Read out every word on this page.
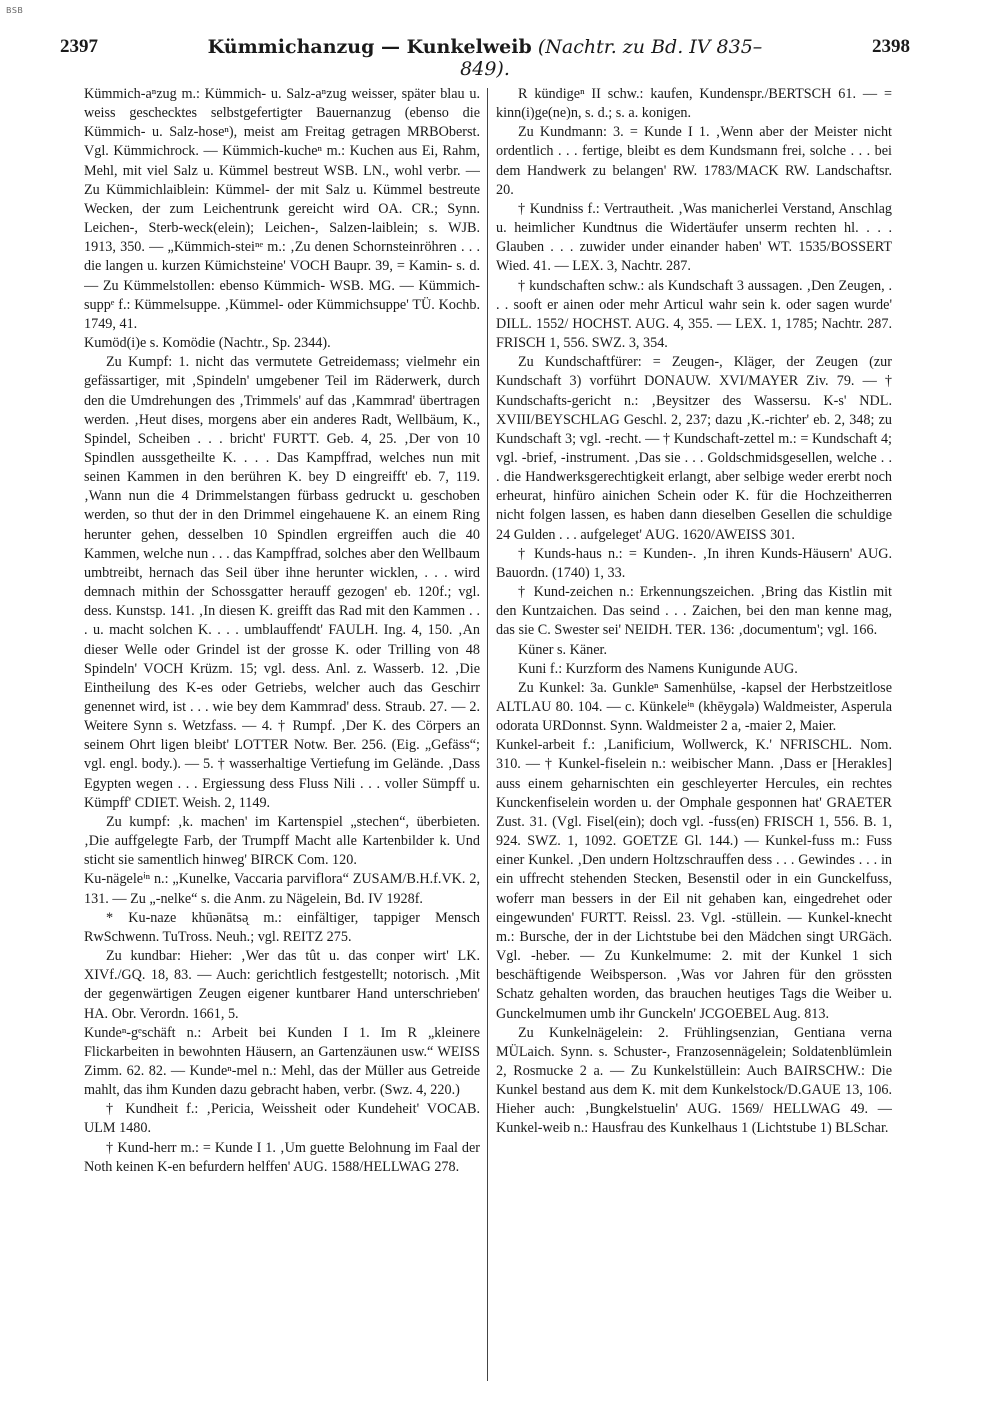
BSB
2397	Kümmichanzug — Kunkelweib (Nachtr. zu Bd. IV 835–849).
2398

Kümmich-aⁿzug m.: Kümmich- u. Salz-aⁿzug weisser, später blau u. weiss geschecktes selbstgefertigter Bauernanzug (ebenso die Kümmich- u. Salz-hoseⁿ), meist am Freitag getragen MRBOberst. Vgl. Kümmichrock. — Kümmich-kucheⁿ m.: Kuchen aus Ei, Rahm, Mehl, mit viel Salz u. Kümmel bestreut WSB. LN., wohl verbr. — Zu Kümmichlaiblein: Kümmel- der mit Salz u. Kümmel bestreute Wecken, der zum Leichentrunk gereicht wird OA. CR.; Synn. Leichen-, Sterb-weck(elein); Leichen-, Salzen-laiblein; s. WJB. 1913, 350. — „Kümmich-steiⁿᵉ m.: ‚Zu denen Schornsteinröhren . . . die langen u. kurzen Kümichsteine' VOCH Baupr. 39, = Kamin- s. d. — Zu Kümmelstollen: ebenso Kümmich- WSB. MG. — Kümmich-suppᵉ f.: Kümmelsuppe. ‚Kümmel- oder Kümmichsuppe' TÜ. Kochb. 1749, 41.

Kumöd(i)e s. Komödie (Nachtr., Sp. 2344).

Zu Kumpf: 1. nicht das vermutete Getreidemass; vielmehr ein gefässartiger, mit ‚Spindeln' umgebener Teil im Räderwerk, durch den die Umdrehungen des ‚Trimmels' auf das ‚Kammrad' übertragen werden. ‚Heut dises, morgens aber ein anderes Radt, Wellbäum, K., Spindel, Scheiben . . . bricht' FURTT. Geb. 4, 25. ‚Der von 10 Spindlen aussgetheilte K. . . . Das Kampffrad, welches nun mit seinen Kammen in den berühren K. bey D eingreifft' eb. 7, 119. ‚Wann nun die 4 Drimmelstangen fürbass gedruckt u. geschoben werden, so thut der in den Drimmel eingehauene K. an einem Ring herunter gehen, desselben 10 Spindlen ergreiffen auch die 40 Kammen, welche nun . . . das Kampffrad, solches aber den Wellbaum umbtreibt, hernach das Seil über ihne herunter wicklen, . . . wird demnach mithin der Schossgatter herauff gezogen' eb. 120f.; vgl. dess. Kunstsp. 141. ‚In diesen K. greifft das Rad mit den Kammen . . . u. macht solchen K. . . . umblauffendt' FAULH. Ing. 4, 150. ‚An dieser Welle oder Grindel ist der grosse K. oder Trilling von 48 Spindeln' VOCH Krüzm. 15; vgl. dess. Anl. z. Wasserb. 12. ‚Die Eintheilung des K-es oder Getriebs, welcher auch das Geschirr genennet wird, ist . . . wie bey dem Kammrad' dess. Straub. 27. — 2. Weitere Synn s. Wetzfass. — 4. † Rumpf. ‚Der K. des Cörpers an seinem Ohrt ligen bleibt' LOTTER Notw. Ber. 256. (Eig. „Gefäss“; vgl. engl. body.). — 5. † wasserhaltige Vertiefung im Gelände. ‚Dass Egypten wegen . . . Ergiessung dess Fluss Nili . . . voller Sümpff u. Kümpff' CDIET. Weish. 2, 1149.

Zu kumpf: ‚k. machen' im Kartenspiel „stechen“, überbieten. ‚Die auffgelegte Farb, der Trumpff Macht alle Kartenbilder k. Und sticht sie samentlich hinweg' BIRCK Com. 120.

Ku-nägeleⁱⁿ n.: „Kunelke, Vaccaria parviflora“ ZUSAM/B.H.f.VK. 2, 131. — Zu „-nelke“ s. die Anm. zu Nägelein, Bd. IV 1928f.

* Ku-naze khūənātsə̨ m.: einfältiger, tappiger Mensch RwSchwenn. TuTross. Neuh.; vgl. REITZ 275.

Zu kundbar: Hieher: ‚Wer das tût u. das conper wirt' LK. XIVf./GQ. 18, 83. — Auch: gerichtlich festgestellt; notorisch. ‚Mit der gegenwärtigen Zeugen eigener kuntbarer Hand unterschrieben' HA. Obr. Verordn. 1661, 5.

Kundeⁿ-gᵉschäft n.: Arbeit bei Kunden I 1. Im R „kleinere Flickarbeiten in bewohnten Häusern, an Gartenzäunen usw.“ WEISS Zimm. 62. 82. — Kundeⁿ-mel n.: Mehl, das der Müller aus Getreide mahlt, das ihm Kunden dazu gebracht haben, verbr. (Swz. 4, 220.)

† Kundheit f.: ‚Pericia, Weissheit oder Kundeheit' VOCAB. ULM 1480.

† Kund-herr m.: = Kunde I 1. ‚Um guette Belohnung im Faal der Noth keinen K-en befurdern helffen' AUG. 1588/HELLWAG 278.

R kündigeⁿ II schw.: kaufen, Kundenspr./BERTSCH 61. — = kinn(i)ge(ne)n, s. d.; s. a. konigen.

Zu Kundmann: 3. = Kunde I 1. ‚Wenn aber der Meister nicht ordentlich . . . fertige, bleibt es dem Kundsmann frei, solche . . . bei dem Handwerk zu belangen' RW. 1783/MACK RW. Landschaftsr. 20.

† Kundniss f.: Vertrautheit. ‚Was manicherlei Verstand, Anschlag u. heimlicher Kundtnus die Widertäufer unserm rechten hl. . . . Glauben . . . zuwider under einander haben' WT. 1535/BOSSERT Wied. 41. — LEX. 3, Nachtr. 287.

† kundschaften schw.: als Kundschaft 3 aussagen. ‚Den Zeugen, . . . sooft er ainen oder mehr Articul wahr sein k. oder sagen wurde' DILL. 1552/ HOCHST. AUG. 4, 355. — LEX. 1, 1785; Nachtr. 287. FRISCH 1, 556. SWZ. 3, 354.

Zu Kundschaftfürer: = Zeugen-, Kläger, der Zeugen (zur Kundschaft 3) vorführt DONAUW. XVI/MAYER Ziv. 79. — † Kundschafts-gericht n.: ‚Beysitzer des Wassersu. K-s' NDL. XVIII/BEYSCHLAG Geschl. 2, 237; dazu ‚K.-richter' eb. 2, 348; zu Kundschaft 3; vgl. -recht. — † Kundschaft-zettel m.: = Kundschaft 4; vgl. -brief, -instrument. ‚Das sie . . . Goldschmidsgesellen, welche . . . die Handwerksgerechtigkeit erlangt, aber selbige weder ererbt noch erheurat, hinfüro ainichen Schein oder K. für die Hochzeitherren nicht folgen lassen, es haben dann dieselben Gesellen die schuldige 24 Gulden . . . aufgeleget' AUG. 1620/AWEISS 301.

† Kunds-haus n.: = Kunden-. ‚In ihren Kunds-Häusern' AUG. Bauordn. (1740) 1, 33.

† Kund-zeichen n.: Erkennungszeichen. ‚Bring das Kistlin mit den Kuntzaichen. Das seind . . . Zaichen, bei den man kenne mag, das sie C. Swester sei' NEIDH. TER. 136: ‚documentum'; vgl. 166.

Küner s. Käner.

Kuni f.: Kurzform des Namens Kunigunde AUG.

Zu Kunkel: 3a. Gunkleⁿ Samenhülse, -kapsel der Herbstzeitlose ALTLAU 80. 104. — c. Künkeleⁱⁿ (khēyɡələ) Waldmeister, Asperula odorata URDonnst. Synn. Waldmeister 2 a, -maier 2, Maier.

Kunkel-arbeit f.: ‚Lanificium, Wollwerck, K.' NFRISCHL. Nom. 310. — † Kunkel-fiselein n.: weibischer Mann. ‚Dass er [Herakles] auss einem geharnischten ein geschleyerter Hercules, ein rechtes Kunckenfiselein worden u. der Omphale gesponnen hat' GRAETER Zust. 31. (Vgl. Fisel(ein); doch vgl. -fuss(en) FRISCH 1, 556. B. 1, 924. SWZ. 1, 1092. GOETZE Gl. 144.) — Kunkel-fuss m.: Fuss einer Kunkel. ‚Den undern Holtzschrauffen dess . . . Gewindes . . . in ein uffrecht stehenden Stecken, Besenstil oder in ein Gunckelfuss, woferr man bessers in der Eil nit gehaben kan, eingedrehet oder eingewunden' FURTT. Reissl. 23. Vgl. -stüllein. — Kunkel-knecht m.: Bursche, der in der Lichtstube bei den Mädchen singt URGäch. Vgl. -heber. — Zu Kunkelmume: 2. mit der Kunkel 1 sich beschäftigende Weibsperson. ‚Was vor Jahren für den grössten Schatz gehalten worden, das brauchen heutiges Tags die Weiber u. Gunckelmumen umb ihr Gunckeln' JCGOEBEL Aug. 813.

Zu Kunkelnägelein: 2. Frühlingsenzian, Gentiana verna MÜLaich. Synn. s. Schuster-, Franzosennägelein; Soldatenblümlein 2, Rosmucke 2 a. — Zu Kunkelstüllein: Auch BAIRSCHW.: Die Kunkel bestand aus dem K. mit dem Kunkelstock/D.GAUE 13, 106. Hieher auch: ‚Bungkelstuelin' AUG. 1569/ HELLWAG 49. — Kunkel-weib n.: Hausfrau des Kunkelhaus 1 (Lichtstube 1) BLSchar.
